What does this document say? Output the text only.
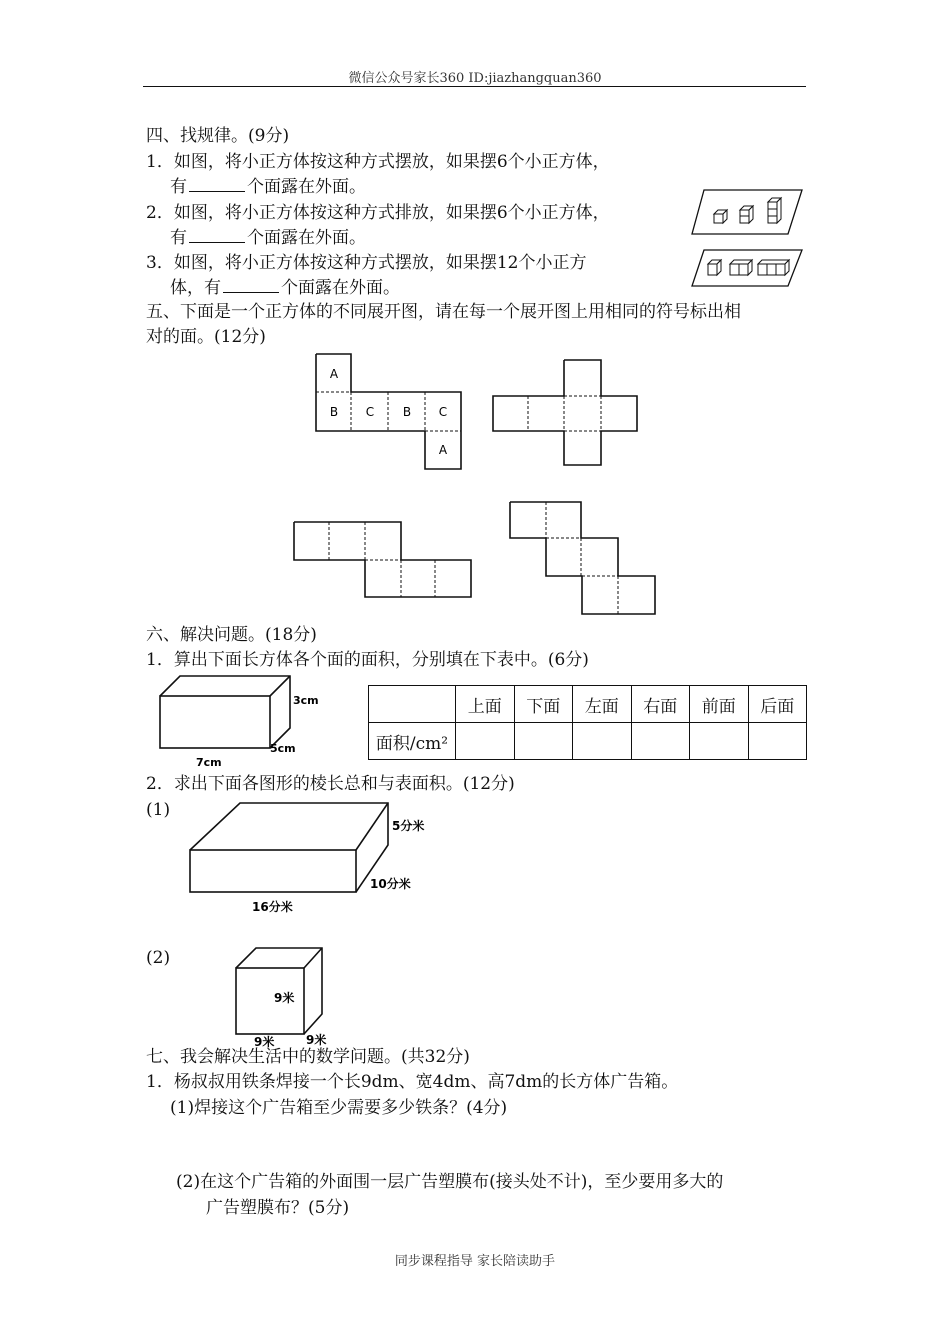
微信公众号家长360 ID:jiazhangquan360
四、找规律。(9分)
1．如图，将小正方体按这种方式摆放，如果摆6个小正方体，
有	个面露在外面。
2．如图，将小正方体按这种方式排放，如果摆6个小正方体，
有	个面露在外面。
3．如图，将小正方体按这种方式摆放，如果摆12个小正方
体，有	个面露在外面。
五、下面是一个正方体的不同展开图，请在每一个展开图上用相同的符号标出相
对的面。(12分)
A
B C B C
A
六、解决问题。(18分)
1．算出下面长方体各个面的面积，分别填在下表中。(6分)
3cm
5cm
7cm
	上面	下面	左面	右面	前面	后面
面积/cm²						
2．求出下面各图形的棱长总和与表面积。(12分)
(1)
5分米
10分米
16分米
(2)
9米
9米
9米
七、我会解决生活中的数学问题。(共32分)
1．杨叔叔用铁条焊接一个长9dm、宽4dm、高7dm的长方体广告箱。
(1)焊接这个广告箱至少需要多少铁条？(4分)
(2)在这个广告箱的外面围一层广告塑膜布(接头处不计)，至少要用多大的
广告塑膜布？(5分)
同步课程指导 家长陪读助手
